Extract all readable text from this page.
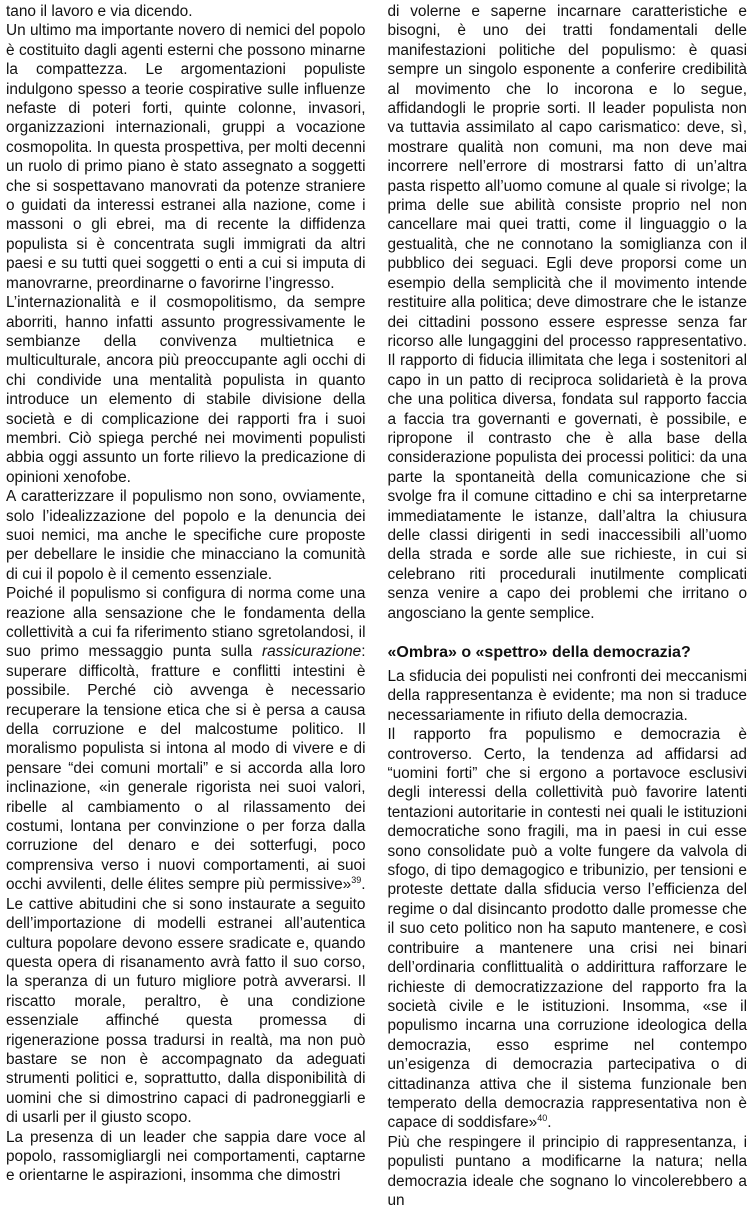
tano il lavoro e via dicendo.

Un ultimo ma importante novero di nemici del popolo è costituito dagli agenti esterni che possono minarne la compattezza. Le argomentazioni populiste indulgono spesso a teorie cospirative sulle influenze nefaste di poteri forti, quinte colonne, invasori, organizzazioni internazionali, gruppi a vocazione cosmopolita. In questa prospettiva, per molti decenni un ruolo di primo piano è stato assegnato a soggetti che si sospettavano manovrati da potenze straniere o guidati da interessi estranei alla nazione, come i massoni o gli ebrei, ma di recente la diffidenza populista si è concentrata sugli immigrati da altri paesi e su tutti quei soggetti o enti a cui si imputa di manovrarne, preordinarne o favorirne l’ingresso.

L’internazionalità e il cosmopolitismo, da sempre aborriti, hanno infatti assunto progressivamente le sembianze della convivenza multietnica e multiculturale, ancora più preoccupante agli occhi di chi condivide una mentalità populista in quanto introduce un elemento di stabile divisione della società e di complicazione dei rapporti fra i suoi membri. Ciò spiega perché nei movimenti populisti abbia oggi assunto un forte rilievo la predicazione di opinioni xenofobe.

A caratterizzare il populismo non sono, ovviamente, solo l’idealizzazione del popolo e la denuncia dei suoi nemici, ma anche le specifiche cure proposte per debellare le insidie che minacciano la comunità di cui il popolo è il cemento essenziale.

Poiché il populismo si configura di norma come una reazione alla sensazione che le fondamenta della collettività a cui fa riferimento stiano sgretolandosi, il suo primo messaggio punta sulla rassicurazione: superare difficoltà, fratture e conflitti intestini è possibile. Perché ciò avvenga è necessario recuperare la tensione etica che si è persa a causa della corruzione e del malcostume politico. Il moralismo populista si intona al modo di vivere e di pensare “dei comuni mortali” e si accorda alla loro inclinazione, «in generale rigorista nei suoi valori, ribelle al cambiamento o al rilassamento dei costumi, lontana per convinzione o per forza dalla corruzione del denaro e dei sotterfugi, poco comprensiva verso i nuovi comportamenti, ai suoi occhi avvilenti, delle élites sempre più permissive»$^{39}$. Le cattive abitudini che si sono instaurate a seguito dell’importazione di modelli estranei all’autentica cultura popolare devono essere sradicate e, quando questa opera di risanamento avrà fatto il suo corso, la speranza di un futuro migliore potrà avverarsi. Il riscatto morale, peraltro, è una condizione essenziale affinché questa promessa di rigenerazione possa tradursi in realtà, ma non può bastare se non è accompagnato da adeguati strumenti politici e, soprattutto, dalla disponibilità di uomini che si dimostrino capaci di padroneggiarli e di usarli per il giusto scopo.

La presenza di un leader che sappia dare voce al popolo, rassomigliargli nei comportamenti, captarne e orientarne le aspirazioni, insomma che dimostri

di volerne e saperne incarnare caratteristiche e bisogni, è uno dei tratti fondamentali delle manifestazioni politiche del populismo: è quasi sempre un singolo esponente a conferire credibilità al movimento che lo incorona e lo segue, affidandogli le proprie sorti. Il leader populista non va tuttavia assimilato al capo carismatico: deve, sì, mostrare qualità non comuni, ma non deve mai incorrere nell’errore di mostrarsi fatto di un’altra pasta rispetto all’uomo comune al quale si rivolge; la prima delle sue abilità consiste proprio nel non cancellare mai quei tratti, come il linguaggio o la gestualità, che ne connotano la somiglianza con il pubblico dei seguaci. Egli deve proporsi come un esempio della semplicità che il movimento intende restituire alla politica; deve dimostrare che le istanze dei cittadini possono essere espresse senza far ricorso alle lungaggini del processo rappresentativo. Il rapporto di fiducia illimitata che lega i sostenitori al capo in un patto di reciproca solidarietà è la prova che una politica diversa, fondata sul rapporto faccia a faccia tra governanti e governati, è possibile, e ripropone il contrasto che è alla base della considerazione populista dei processi politici: da una parte la spontaneità della comunicazione che si svolge fra il comune cittadino e chi sa interpretarne immediatamente le istanze, dall’altra la chiusura delle classi dirigenti in sedi inaccessibili all’uomo della strada e sorde alle sue richieste, in cui si celebrano riti procedurali inutilmente complicati senza venire a capo dei problemi che irritano o angosciano la gente semplice.

«Ombra» o «spettro» della democrazia?

La sfiducia dei populisti nei confronti dei meccanismi della rappresentanza è evidente; ma non si traduce necessariamente in rifiuto della democrazia.

Il rapporto fra populismo e democrazia è controverso. Certo, la tendenza ad affidarsi ad “uomini forti” che si ergono a portavoce esclusivi degli interessi della collettività può favorire latenti tentazioni autoritarie in contesti nei quali le istituzioni democratiche sono fragili, ma in paesi in cui esse sono consolidate può a volte fungere da valvola di sfogo, di tipo demagogico e tribunizio, per tensioni e proteste dettate dalla sfiducia verso l’efficienza del regime o dal disincanto prodotto dalle promesse che il suo ceto politico non ha saputo mantenere, e così contribuire a mantenere una crisi nei binari dell’ordinaria conflittualità o addirittura rafforzare le richieste di democratizzazione del rapporto fra la società civile e le istituzioni. Insomma, «se il populismo incarna una corruzione ideologica della democrazia, esso esprime nel contempo un’esigenza di democrazia partecipativa o di cittadinanza attiva che il sistema funzionale ben temperato della democrazia rappresentativa non è capace di soddisfare»$^{40}$.

Più che respingere il principio di rappresentanza, i populisti puntano a modificarne la natura; nella democrazia ideale che sognano lo vincolerebbero a un
